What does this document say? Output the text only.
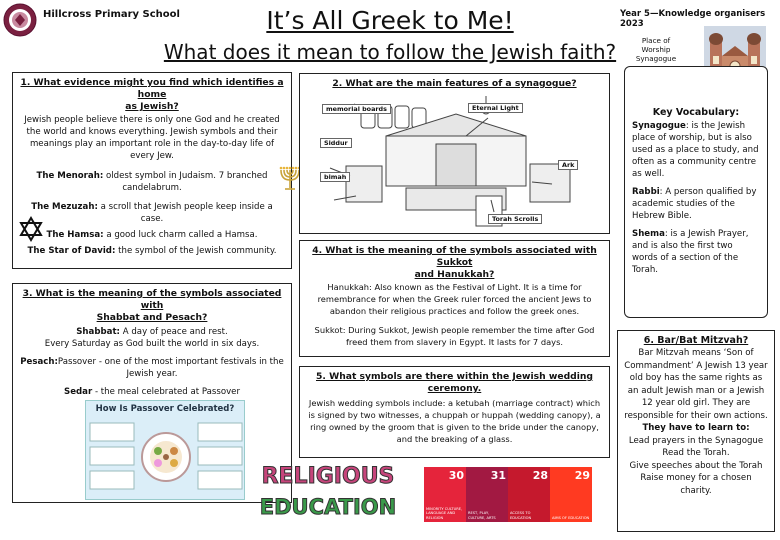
Hillcross Primary School	It’s All Greek to Me!
What does it mean to follow the Jewish faith?
Year 5—Knowledge organisers 2023
Place of
Worship
Synagogue
1. What evidence might you find which identifies a home
as Jewish?
Jewish people believe there is only one God and he created the world and knows everything. Jewish symbols and their meanings play an important role in the day-to-day life of every Jew.
The Menorah: oldest symbol in Judaism. 7 branched candelabrum.
The Mezuzah: a scroll that Jewish people keep inside a case.
The Hamsa: a good luck charm called a Hamsa.
The Star of David: the symbol of the Jewish community.
2. What are the main features of a synagogue?
memorial boards	Eternal Light
Siddur
bimah
Ark
Torah Scrolls
3. What is the meaning of the symbols associated with
Shabbat and Pesach?
Shabbat: A day of peace and rest.
Every Saturday as God built the world in six days.
Pesach:Passover - one of the most important festivals in the Jewish year.
Sedar - the meal celebrated at Passover
How Is Passover Celebrated?
4. What is the meaning of the symbols associated with Sukkot
and Hanukkah?
Hanukkah: Also known as the Festival of Light. It is a time for remembrance for when the Greek ruler forced the ancient Jews to abandon their religious practices and follow the greek ones.
Sukkot: During Sukkot, Jewish people remember the time after God freed them from slavery in Egypt. It lasts for 7 days.
5. What symbols are there within the Jewish wedding
ceremony.
Jewish wedding symbols include: a ketubah (marriage contract) which is signed by two witnesses, a chuppah or huppah (wedding canopy), a ring owned by the groom that is given to the bride under the canopy, and the breaking of a glass.
Key Vocabulary:
Synagogue: is the Jewish place of worship, but is also used as a place to study, and often as a community centre as well.
Rabbi: A person qualified by academic studies of the Hebrew Bible.
Shema: is a Jewish Prayer, and is also the first two words of a section of the Torah.
6. Bar/Bat Mitzvah?
Bar Mitzvah means ‘Son of Commandment’ A Jewish 13 year old boy has the same rights as an adult Jewish man or a Jewish 12 year old girl. They are responsible for their own actions.
They have to learn to:
Lead prayers in the Synagogue
Read the Torah.
Give speeches about the Torah
Raise money for a chosen charity.
RELIGIOUS
EDUCATION
30
MINORITY CULTURE, LANGUAGE AND RELIGION
31
REST, PLAY, CULTURE, ARTS
28
ACCESS TO EDUCATION
29
AIMS OF EDUCATION
